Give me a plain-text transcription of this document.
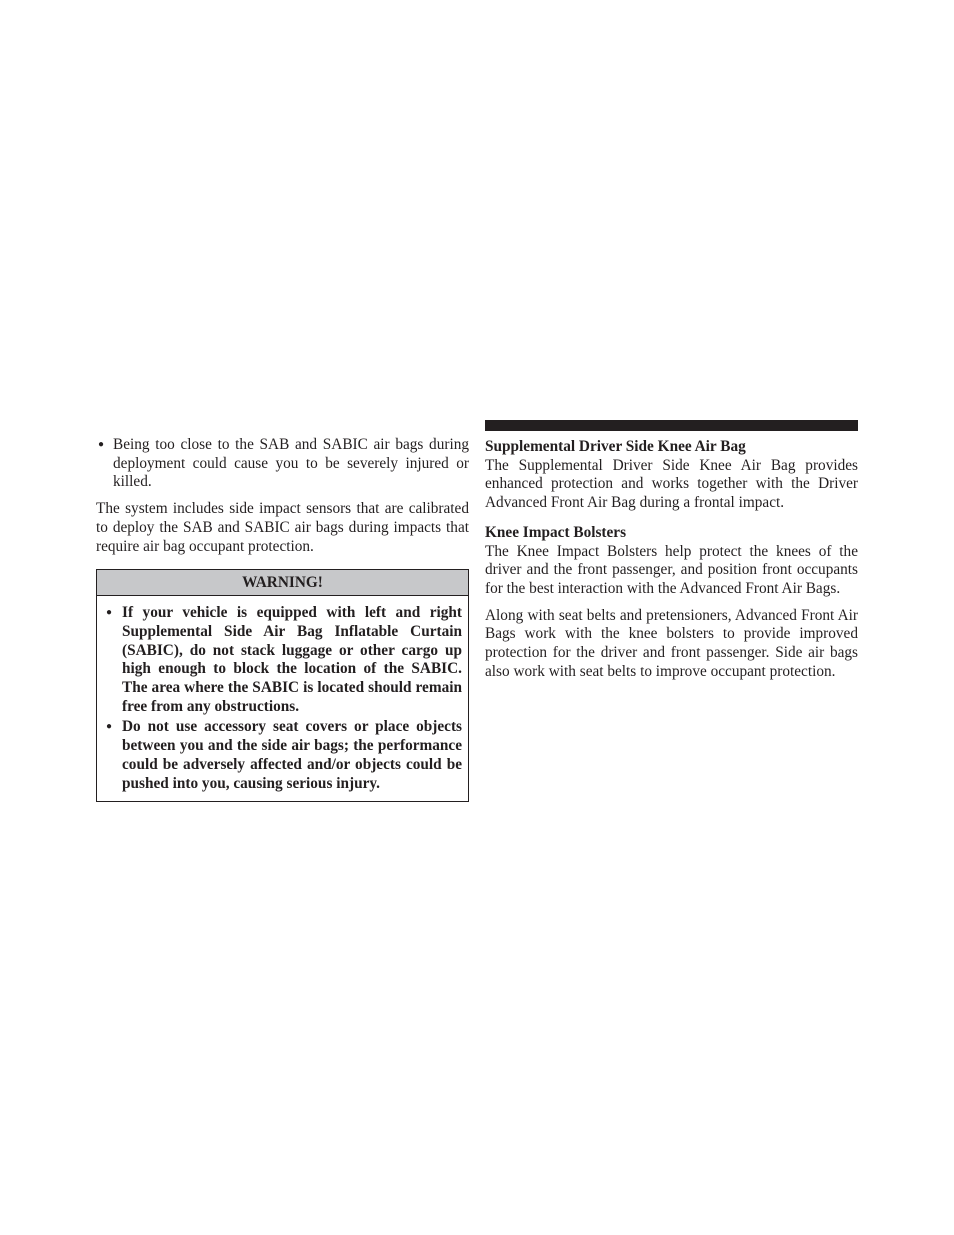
● Being too close to the SAB and SABIC air bags during deployment could cause you to be severely injured or killed.

The system includes side impact sensors that are calibrated to deploy the SAB and SABIC air bags during impacts that require air bag occupant protection.

WARNING!
● If your vehicle is equipped with left and right Supplemental Side Air Bag Inflatable Curtain (SABIC), do not stack luggage or other cargo up high enough to block the location of the SABIC. The area where the SABIC is located should remain free from any obstructions.
● Do not use accessory seat covers or place objects between you and the side air bags; the performance could be adversely affected and/or objects could be pushed into you, causing serious injury.

Supplemental Driver Side Knee Air Bag

The Supplemental Driver Side Knee Air Bag provides enhanced protection and works together with the Driver Advanced Front Air Bag during a frontal impact.

Knee Impact Bolsters

The Knee Impact Bolsters help protect the knees of the driver and the front passenger, and position front occupants for the best interaction with the Advanced Front Air Bags.

Along with seat belts and pretensioners, Advanced Front Air Bags work with the knee bolsters to provide improved protection for the driver and front passenger. Side air bags also work with seat belts to improve occupant protection.
